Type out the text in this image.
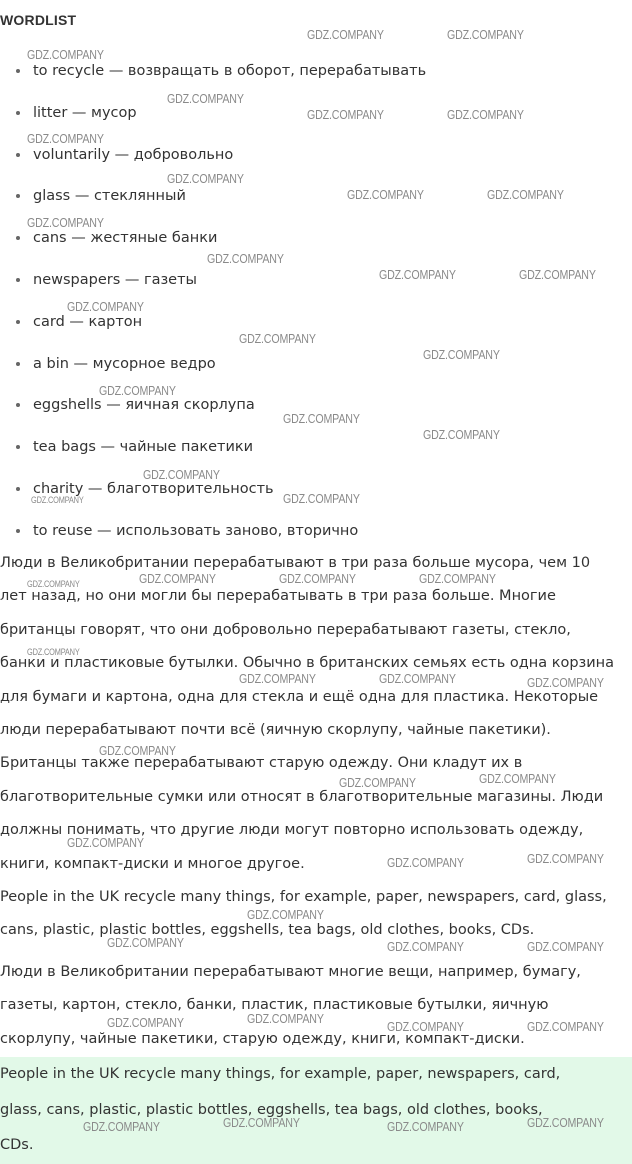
WORDLIST
to recycle — возвращать в оборот, перерабатывать
litter — мусор
voluntarily — добровольно
glass — стеклянный
cans — жестяные банки
newspapers — газеты
card — картон
a bin — мусорное ведро
eggshells — яичная скорлупа
tea bags — чайные пакетики
charity — благотворительность
to reuse — использовать заново, вторично

Люди в Великобритании перерабатывают в три раза больше мусора, чем 10
лет назад, но они могли бы перерабатывать в три раза больше. Многие
британцы говорят, что они добровольно перерабатывают газеты, стекло,
банки и пластиковые бутылки. Обычно в британских семьях есть одна корзина
для бумаги и картона, одна для стекла и ещё одна для пластика. Некоторые
люди перерабатывают почти всё (яичную скорлупу, чайные пакетики).
Британцы также перерабатывают старую одежду. Они кладут их в
благотворительные сумки или относят в благотворительные магазины. Люди
должны понимать, что другие люди могут повторно использовать одежду,
книги, компакт-диски и многое другое.

People in the UK recycle many things, for example, paper, newspapers, card, glass,
cans, plastic, plastic bottles, eggshells, tea bags, old clothes, books, CDs.

Люди в Великобритании перерабатывают многие вещи, например, бумагу,
газеты, картон, стекло, банки, пластик, пластиковые бутылки, яичную
скорлупу, чайные пакетики, старую одежду, книги, компакт-диски.

People in the UK recycle many things, for example, paper, newspapers, card,
glass, cans, plastic, plastic bottles, eggshells, tea bags, old clothes, books,
CDs.

GDZ.COMPANY	GDZ.COMPANY
GDZ.COMPANY
GDZ.COMPANY
GDZ.COMPANY	GDZ.COMPANY
GDZ.COMPANY
GDZ.COMPANY
GDZ.COMPANY	GDZ.COMPANY
GDZ.COMPANY
GDZ.COMPANY
GDZ.COMPANY	GDZ.COMPANY
GDZ.COMPANY
GDZ.COMPANY
GDZ.COMPANY
GDZ.COMPANY
GDZ.COMPANY
GDZ.COMPANY
GDZ.COMPANY
GDZ.COMPANY
GDZ.COMPANY	GDZ.COMPANY	GDZ.COMPANY
GDZ.COMPANY	GDZ.COMPANY	GDZ.COMPANY
GDZ.COMPANY
GDZ.COMPANY	GDZ.COMPANY
GDZ.COMPANY
GDZ.COMPANY	GDZ.COMPANY
GDZ.COMPANY
GDZ.COMPANY	GDZ.COMPANY	GDZ.COMPANY
GDZ.COMPANY	GDZ.COMPANY
GDZ.COMPANY	GDZ.COMPANY
GDZ.COMPANY	GDZ.COMPANY	GDZ.COMPANY	GDZ.COMPANY
GDZ.COMPANY
GDZ.COMPANY
GDZ.COMPANY
